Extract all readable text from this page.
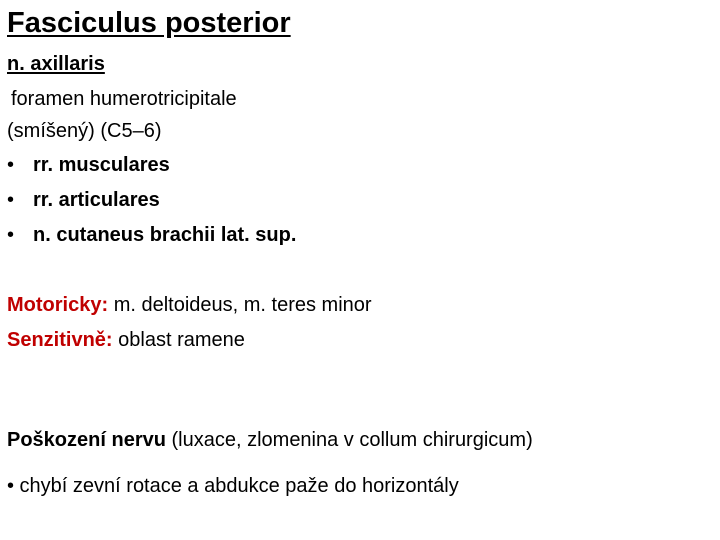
Fasciculus posterior
n. axillaris
foramen humerotricipitale
(smíšený) (C5–6)
• rr. musculares
• rr. articulares
• n. cutaneus brachii lat. sup.
Motoricky: m. deltoideus, m. teres minor
Senzitivně: oblast ramene
Poškození nervu (luxace, zlomenina v collum chirurgicum)
• chybí zevní rotace a abdukce paže do horizontály
